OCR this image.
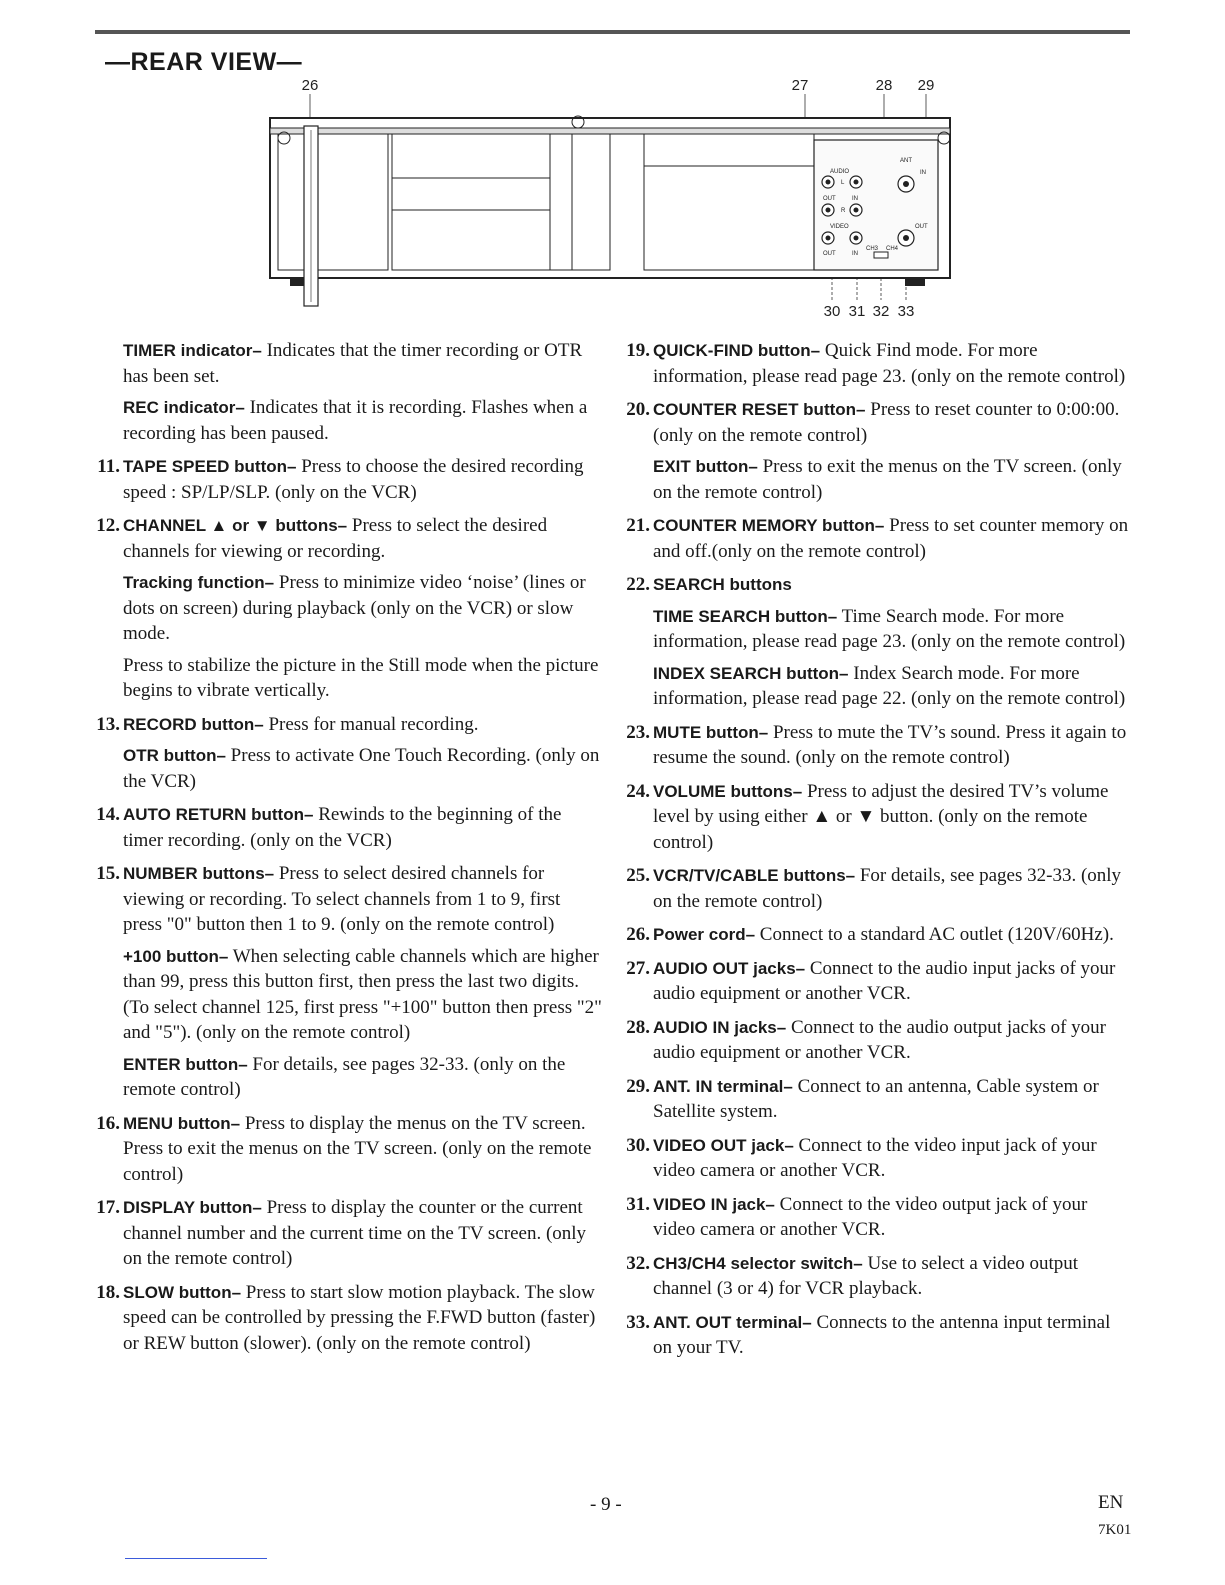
—REAR VIEW—
26	27	28 29
30 31 32 33
AUDIO
L
OUT	IN
R
VIDEO
OUT	IN
CH3 CH4
ANT
IN
OUT
TIMER indicator– Indicates that the timer recording or OTR has been set.
REC indicator– Indicates that it is recording. Flashes when a recording has been paused.
11. TAPE SPEED button– Press to choose the desired recording speed : SP/LP/SLP. (only on the VCR)
12. CHANNEL ▲ or ▼ buttons– Press to select the desired channels for viewing or recording.
Tracking function– Press to minimize video ‘noise’ (lines or dots on screen) during playback (only on the VCR) or slow mode.
Press to stabilize the picture in the Still mode when the picture begins to vibrate vertically.
13. RECORD button– Press for manual recording.
OTR button– Press to activate One Touch Recording. (only on the VCR)
14. AUTO RETURN button– Rewinds to the beginning of the timer recording. (only on the VCR)
15. NUMBER buttons– Press to select desired channels for viewing or recording. To select channels from 1 to 9, first press "0" button then 1 to 9. (only on the remote control)
+100 button– When selecting cable channels which are higher than 99, press this button first, then press the last two digits. (To select channel 125, first press "+100" button then press "2" and "5"). (only on the remote control)
ENTER button– For details, see pages 32-33. (only on the remote control)
16. MENU button– Press to display the menus on the TV screen. Press to exit the menus on the TV screen. (only on the remote control)
17. DISPLAY button– Press to display the counter or the current channel number and the current time on the TV screen. (only on the remote control)
18. SLOW button– Press to start slow motion playback. The slow speed can be controlled by pressing the F.FWD button (faster) or REW button (slower). (only on the remote control)
19. QUICK-FIND button– Quick Find mode. For more information, please read page 23. (only on the remote control)
20. COUNTER RESET button– Press to reset counter to 0:00:00. (only on the remote control)
EXIT button– Press to exit the menus on the TV screen. (only on the remote control)
21. COUNTER MEMORY button– Press to set counter memory on and off.(only on the remote control)
22. SEARCH buttons
TIME SEARCH button– Time Search mode. For more information, please read page 23. (only on the remote control)
INDEX SEARCH button– Index Search mode. For more information, please read page 22. (only on the remote control)
23. MUTE button– Press to mute the TV’s sound. Press it again to resume the sound. (only on the remote control)
24. VOLUME buttons– Press to adjust the desired TV’s volume level by using either ▲ or ▼ button. (only on the remote control)
25. VCR/TV/CABLE buttons– For details, see pages 32-33. (only on the remote control)
26. Power cord– Connect to a standard AC outlet (120V/60Hz).
27. AUDIO OUT jacks– Connect to the audio input jacks of your audio equipment or another VCR.
28. AUDIO IN jacks– Connect to the audio output jacks of your audio equipment or another VCR.
29. ANT. IN terminal– Connect to an antenna, Cable system or Satellite system.
30. VIDEO OUT jack– Connect to the video input jack of your video camera or another VCR.
31. VIDEO IN jack– Connect to the video output jack of your video camera or another VCR.
32. CH3/CH4 selector switch– Use to select a video output channel (3 or 4) for VCR playback.
33. ANT. OUT terminal– Connects to the antenna input terminal on your TV.
- 9 -	EN
7K01
